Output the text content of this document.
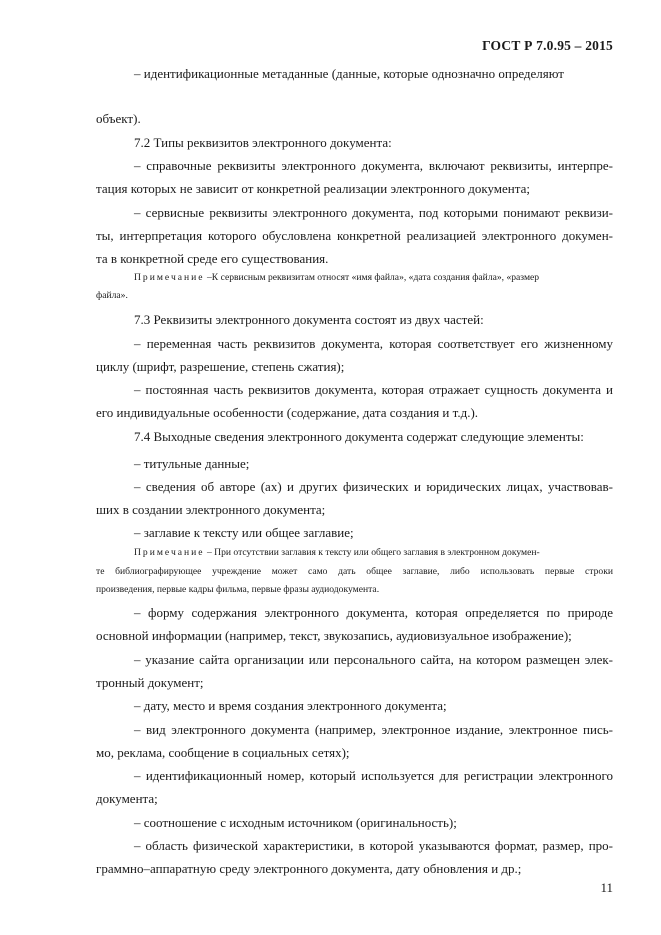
ГОСТ Р 7.0.95 – 2015
– идентификационные метаданные (данные, которые однозначно определяют
объект).
7.2 Типы реквизитов электронного документа:
– справочные реквизиты электронного документа, включают реквизиты, интерпре-
тация которых не зависит от конкретной реализации электронного документа;
– сервисные реквизиты электронного документа, под которыми понимают реквизи-
ты, интерпретация которого обусловлена конкретной реализацией электронного докумен-
та в конкретной среде его существования.
Примечание –К сервисным реквизитам относят «имя файла», «дата создания файла», «размер
файла».
7.3 Реквизиты электронного документа состоят из двух частей:
– переменная часть реквизитов документа, которая соответствует его жизненному
циклу (шрифт, разрешение, степень сжатия);
– постоянная часть реквизитов документа, которая отражает сущность документа и
его индивидуальные особенности (содержание, дата создания и т.д.).
7.4 Выходные сведения электронного документа содержат следующие элементы:
– титульные данные;
– сведения об авторе (ах) и других физических и юридических лицах, участвовав-
ших в создании электронного документа;
– заглавие к тексту или общее заглавие;
Примечание – При отсутствии заглавия к тексту или общего заглавия в электронном докумен-
те библиографирующее учреждение может само дать общее заглавие, либо использовать первые строки
произведения, первые кадры фильма, первые фразы аудиодокумента.
– форму содержания электронного документа, которая определяется по природе
основной информации (например, текст, звукозапись, аудиовизуальное изображение);
– указание сайта организации или персонального сайта, на котором размещен элек-
тронный документ;
– дату, место и время создания электронного документа;
– вид электронного документа (например, электронное издание, электронное пись-
мо, реклама, сообщение в социальных сетях);
– идентификационный номер, который используется для регистрации электронного
документа;
– соотношение с исходным источником (оригинальность);
– область физической характеристики, в которой указываются формат, размер, про-
граммно–аппаратную среду электронного документа, дату обновления и др.;
11
